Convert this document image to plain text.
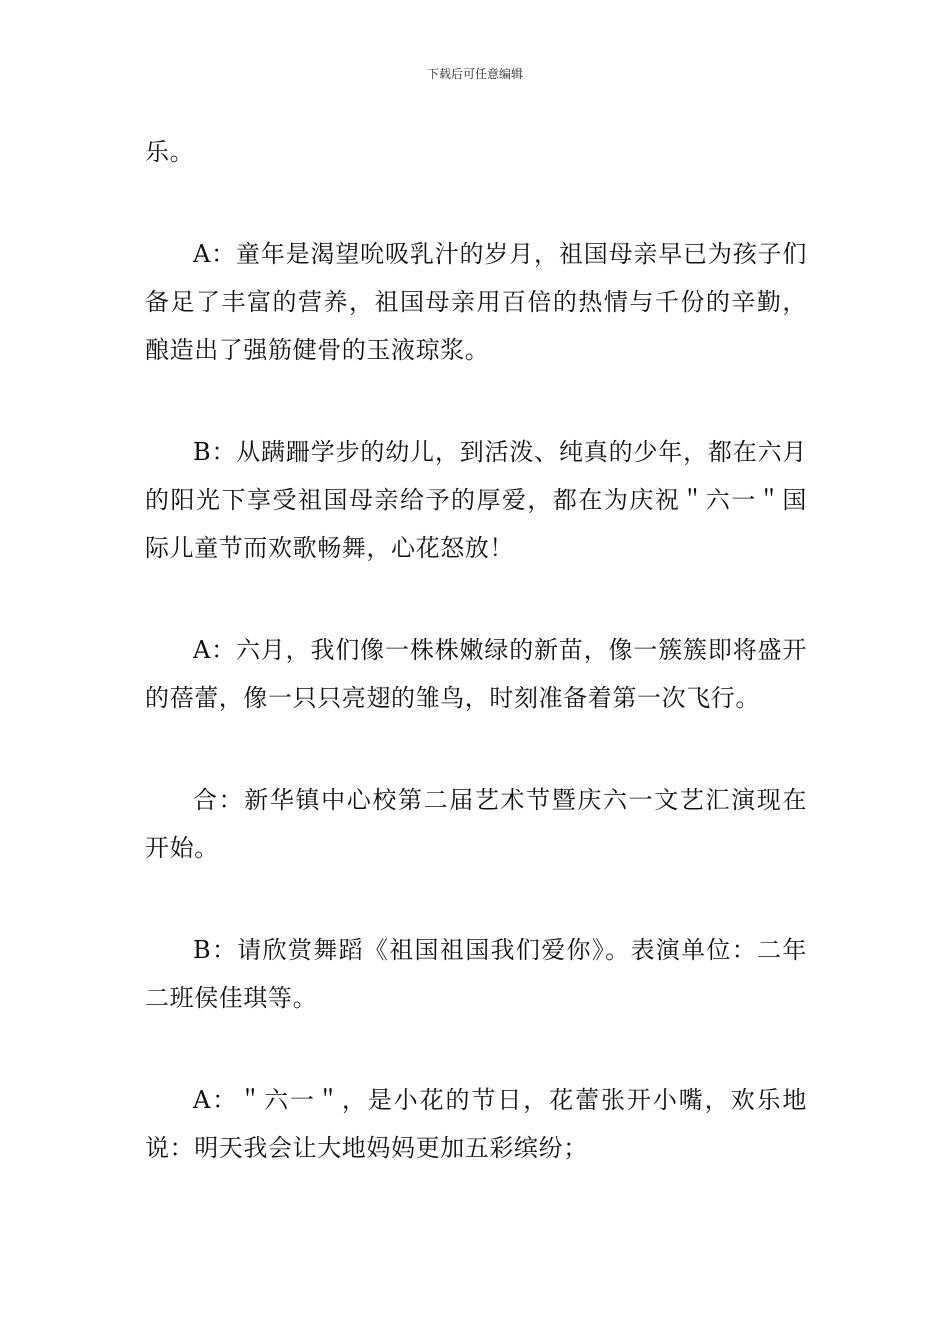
下载后可任意编辑

乐。

A：童年是渴望吮吸乳汁的岁月，祖国母亲早已为孩子们备足了丰富的营养，祖国母亲用百倍的热情与千份的辛勤，酿造出了强筋健骨的玉液琼浆。

B：从蹒跚学步的幼儿，到活泼、纯真的少年，都在六月的阳光下享受祖国母亲给予的厚爱，都在为庆祝＂六一＂国际儿童节而欢歌畅舞，心花怒放！

A：六月，我们像一株株嫩绿的新苗，像一簇簇即将盛开的蓓蕾，像一只只亮翅的雏鸟，时刻准备着第一次飞行。

合：新华镇中心校第二届艺术节暨庆六一文艺汇演现在开始。

B：请欣赏舞蹈《祖国祖国我们爱你》。表演单位：二年二班侯佳琪等。

A：＂六一＂，是小花的节日，花蕾张开小嘴，欢乐地说：明天我会让大地妈妈更加五彩缤纷；
